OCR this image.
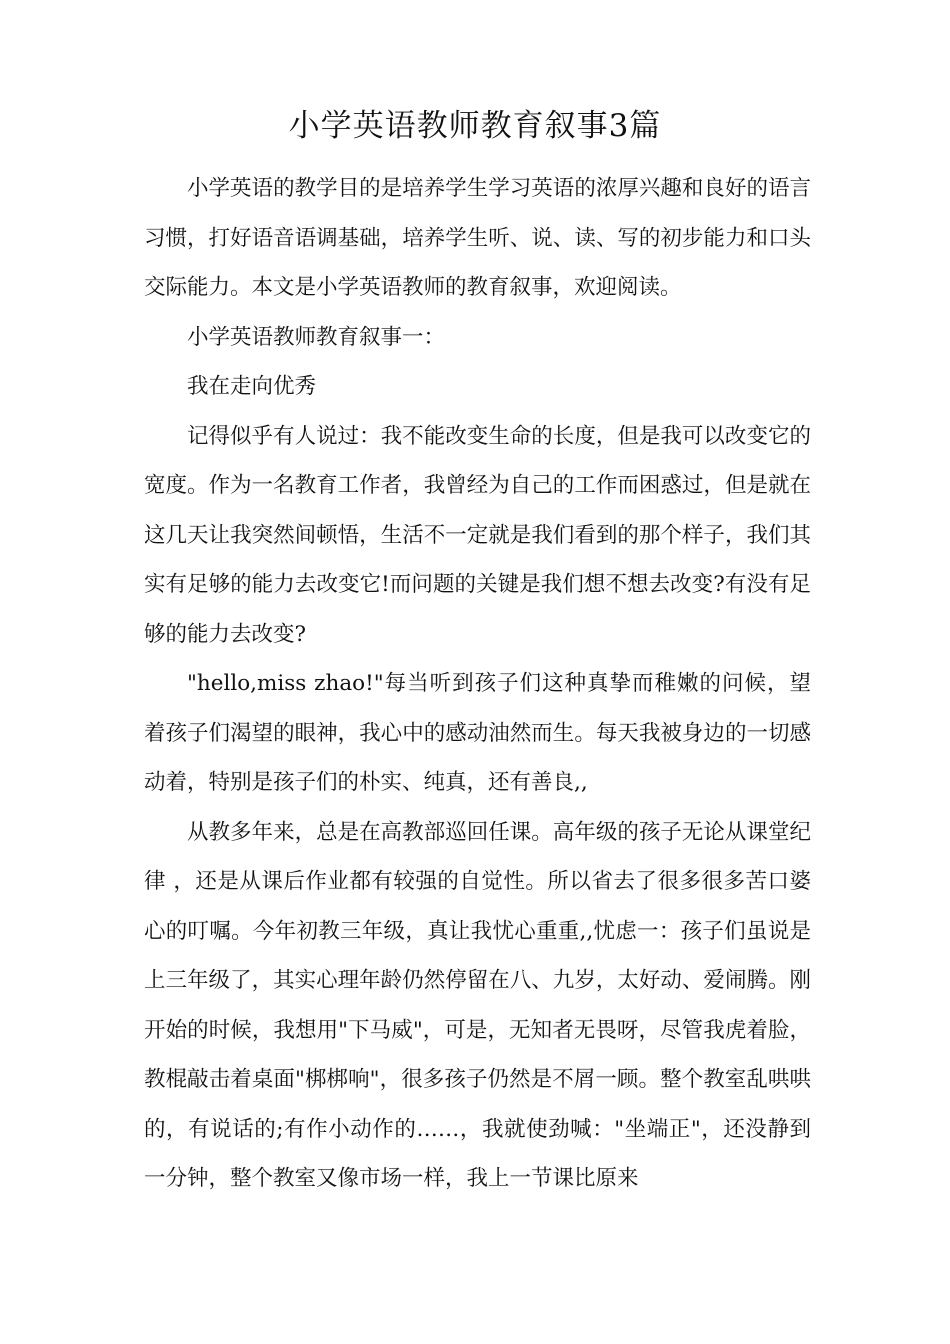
小学英语教师教育叙事3篇

小学英语的教学目的是培养学生学习英语的浓厚兴趣和良好的语言习惯，打好语音语调基础，培养学生听、说、读、写的初步能力和口头交际能力。本文是小学英语教师的教育叙事，欢迎阅读。

小学英语教师教育叙事一：

我在走向优秀

记得似乎有人说过：我不能改变生命的长度，但是我可以改变它的宽度。作为一名教育工作者，我曾经为自己的工作而困惑过，但是就在这几天让我突然间顿悟，生活不一定就是我们看到的那个样子，我们其实有足够的能力去改变它!而问题的关键是我们想不想去改变?有没有足够的能力去改变?

"hello,miss zhao!"每当听到孩子们这种真挚而稚嫩的问候，望着孩子们渴望的眼神，我心中的感动油然而生。每天我被身边的一切感动着，特别是孩子们的朴实、纯真，还有善良,,

从教多年来，总是在高教部巡回任课。高年级的孩子无论从课堂纪律 ，还是从课后作业都有较强的自觉性。所以省去了很多很多苦口婆心的叮嘱。今年初教三年级，真让我忧心重重,,忧虑一：孩子们虽说是上三年级了，其实心理年龄仍然停留在八、九岁，太好动、爱闹腾。刚开始的时候，我想用"下马威"，可是，无知者无畏呀，尽管我虎着脸，教棍敲击着桌面"梆梆响"，很多孩子仍然是不屑一顾。整个教室乱哄哄的，有说话的;有作小动作的……，我就使劲喊："坐端正"，还没静到一分钟，整个教室又像市场一样，我上一节课比原来
